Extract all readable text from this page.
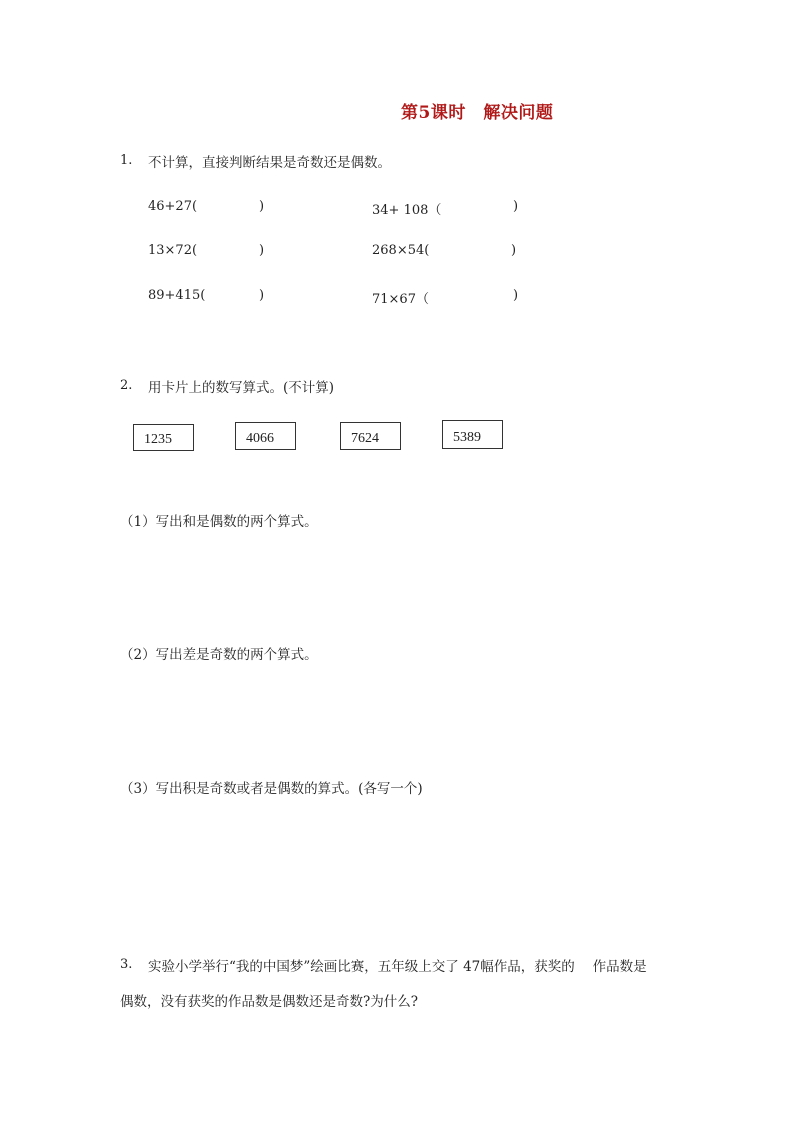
第5课时　解决问题
1. 不计算，直接判断结果是奇数还是偶数。
46+27(	)	34+ 108（	)
13×72(	)	268×54(	)
89+415(	)	71×67（	)
2. 用卡片上的数写算式。(不计算)
1235	4066	7624	5389
（1）写出和是偶数的两个算式。
（2）写出差是奇数的两个算式。
（3）写出积是奇数或者是偶数的算式。(各写一个)
3. 实验小学举行“我的中国梦”绘画比赛，五年级上交了 47幅作品，获奖的　 作品数是
偶数，没有获奖的作品数是偶数还是奇数?为什么?
